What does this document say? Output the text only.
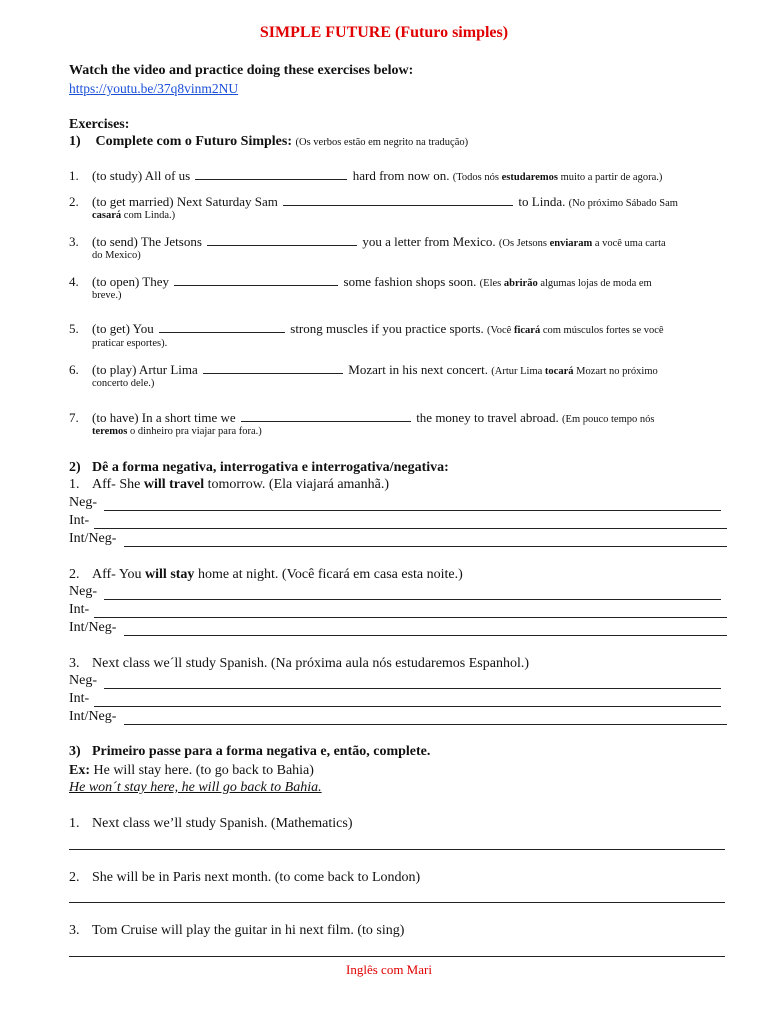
SIMPLE FUTURE (Futuro simples)
Watch the video and practice doing these exercises below:
https://youtu.be/37q8vinm2NU
Exercises:
1) Complete com o Futuro Simples: (Os verbos estão em negrito na tradução)
1. (to study) All of us	hard from now on. (Todos nós estudaremos muito a partir de agora.)
2. (to get married) Next Saturday Sam	to Linda. (No próximo Sábado Sam
casará com Linda.)
3. (to send) The Jetsons	you a letter from Mexico. (Os Jetsons enviaram a você uma carta
do Mexico)
4. (to open) They	some fashion shops soon. (Eles abrirão algumas lojas de moda em
breve.)
5. (to get) You	strong muscles if you practice sports. (Você ficará com músculos fortes se você
praticar esportes).
6. (to play) Artur Lima	Mozart in his next concert. (Artur Lima tocará Mozart no próximo
concerto dele.)
7. (to have) In a short time we	the money to travel abroad. (Em pouco tempo nós
teremos o dinheiro pra viajar para fora.)
2) Dê a forma negativa, interrogativa e interrogativa/negativa:
1. Aff- She will travel tomorrow. (Ela viajará amanhã.)
Neg-
Int-
Int/Neg-
2. Aff- You will stay home at night. (Você ficará em casa esta noite.)
Neg-
Int-
Int/Neg-
3. Next class we´ll study Spanish. (Na próxima aula nós estudaremos Espanhol.)
Neg-
Int-
Int/Neg-
3) Primeiro passe para a forma negativa e, então, complete.
Ex: He will stay here. (to go back to Bahia)
He won´t stay here, he will go back to Bahia.
1. Next class we’ll study Spanish. (Mathematics)
2. She will be in Paris next month. (to come back to London)
3. Tom Cruise will play the guitar in hi next film. (to sing)
Inglês com Mari
